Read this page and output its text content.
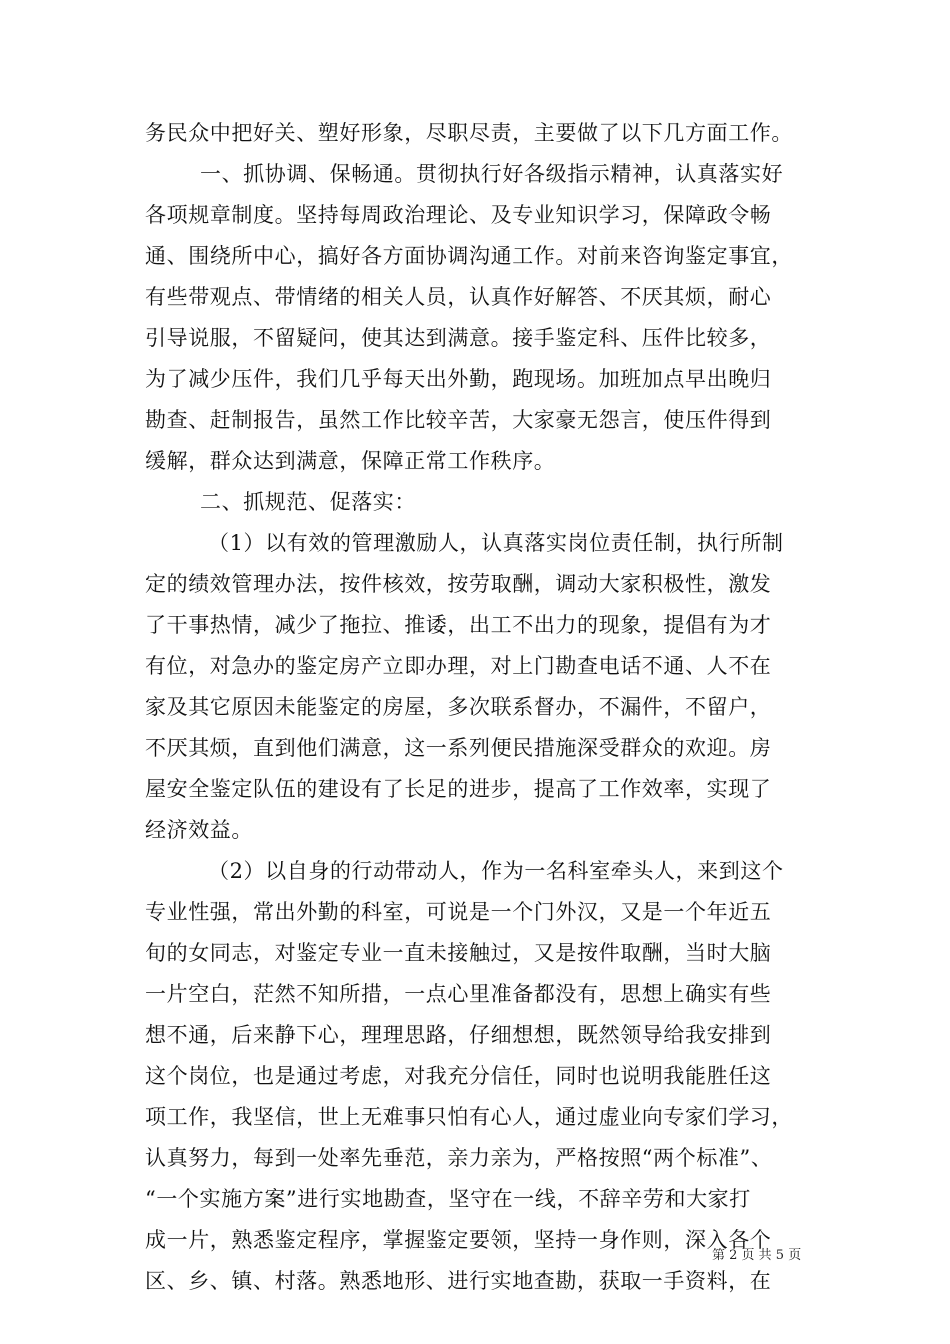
务民众中把好关、塑好形象，尽职尽责，主要做了以下几方面工作。
一、抓协调、保畅通。贯彻执行好各级指示精神，认真落实好
各项规章制度。坚持每周政治理论、及专业知识学习，保障政令畅
通、围绕所中心，搞好各方面协调沟通工作。对前来咨询鉴定事宜，
有些带观点、带情绪的相关人员，认真作好解答、不厌其烦，耐心
引导说服，不留疑问，使其达到满意。接手鉴定科、压件比较多，
为了减少压件，我们几乎每天出外勤，跑现场。加班加点早出晚归
勘查、赶制报告，虽然工作比较辛苦，大家豪无怨言，使压件得到
缓解，群众达到满意，保障正常工作秩序。
二、抓规范、促落实：
（1）以有效的管理激励人，认真落实岗位责任制，执行所制
定的绩效管理办法，按件核效，按劳取酬，调动大家积极性，激发
了干事热情，减少了拖拉、推诿，出工不出力的现象，提倡有为才
有位，对急办的鉴定房产立即办理，对上门勘查电话不通、人不在
家及其它原因未能鉴定的房屋，多次联系督办，不漏件，不留户，
不厌其烦，直到他们满意，这一系列便民措施深受群众的欢迎。房
屋安全鉴定队伍的建设有了长足的进步，提高了工作效率，实现了
经济效益。
（2）以自身的行动带动人，作为一名科室牵头人，来到这个
专业性强，常出外勤的科室，可说是一个门外汉，又是一个年近五
旬的女同志，对鉴定专业一直未接触过，又是按件取酬，当时大脑
一片空白，茫然不知所措，一点心里准备都没有，思想上确实有些
想不通，后来静下心，理理思路，仔细想想，既然领导给我安排到
这个岗位，也是通过考虑，对我充分信任，同时也说明我能胜任这
项工作，我坚信，世上无难事只怕有心人，通过虚业向专家们学习，
认真努力，每到一处率先垂范，亲力亲为，严格按照“两个标准”、
“一个实施方案”进行实地勘查，坚守在一线，不辞辛劳和大家打
成一片，熟悉鉴定程序，掌握鉴定要领，坚持一身作则，深入各个
区、乡、镇、村落。熟悉地形、进行实地查勘，获取一手资料，在
第 2 页 共 5 页
